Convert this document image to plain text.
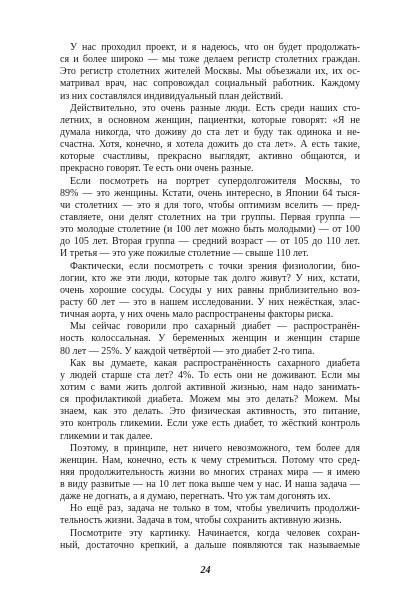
У нас проходил проект, и я надеюсь, что он будет продолжать-
ся и более широко — мы тоже делаем регистр столетних граждан.
Это регистр столетних жителей Москвы. Мы объезжали их, их ос-
матривал врач, нас сопровождал социальный работник. Каждому
из них составлялся индивидуальный план действий.
Действительно, это очень разные люди. Есть среди наших сто-
летних, в основном женщин, пациентки, которые говорят: «Я не
думала никогда, что доживу до ста лет и буду так одинока и не-
счастна. Хотя, конечно, я хотела дожить до ста лет». А есть такие,
которые счастливы, прекрасно выглядят, активно общаются, и
прекрасно говорят. Те есть они очень разные.
Если посмотреть на портрет супердолгожителя Москвы, то
89% — это женщины. Кстати, очень интересно, в Японии 64 тыся-
чи столетних — это я для того, чтобы оптимизм вселить — пред-
ставляете, они делят столетних на три группы. Первая группа —
это молодые столетние (и 100 лет можно быть молодыми) — от 100
до 105 лет. Вторая группа — средний возраст — от 105 до 110 лет.
И третья — это уже пожилые столетние — свыше 110 лет.
Фактически, если посмотреть с точки зрения физиологии, био-
логии, кто же эти люди, которые так долго живут? У них, кстати,
очень хорошие сосуды. Сосуды у них равны приблизительно воз-
расту 60 лет — это в нашем исследовании. У них нежёсткая, элас-
тичная аорта, у них очень мало распространены факторы риска.
Мы сейчас говорили про сахарный диабет — распространён-
ность колоссальная. У беременных женщин и женщин старше
80 лет — 25%. У каждой четвёртой — это диабет 2-го типа.
Как вы думаете, какая распространённость сахарного диабета
у людей старше ста лет? 4%. То есть они не доживают. Если мы
хотим с вами жить долгой активной жизнью, нам надо занимать-
ся профилактикой диабета. Можем мы это делать? Можем. Мы
знаем, как это делать. Это физическая активность, это питание,
это контроль гликемии. Если уже есть диабет, то жёсткий контроль
гликемии и так далее.
Поэтому, в принципе, нет ничего невозможного, тем более для
женщин. Нам, конечно, есть к чему стремиться. Потому что сред-
няя продолжительность жизни во многих странах мира — я имею
в виду развитые — на 10 лет пока выше чем у нас. И наша задача —
даже не догнать, а я думаю, перегнать. Что уж там догонять их.
Но ещё раз, задача не только в том, чтобы увеличить продолжи-
тельность жизни. Задача в том, чтобы сохранить активную жизнь.
Посмотрите эту картинку. Начинается, когда человек сохран-
ный, достаточно крепкий, а дальше появляются так называемые
24
